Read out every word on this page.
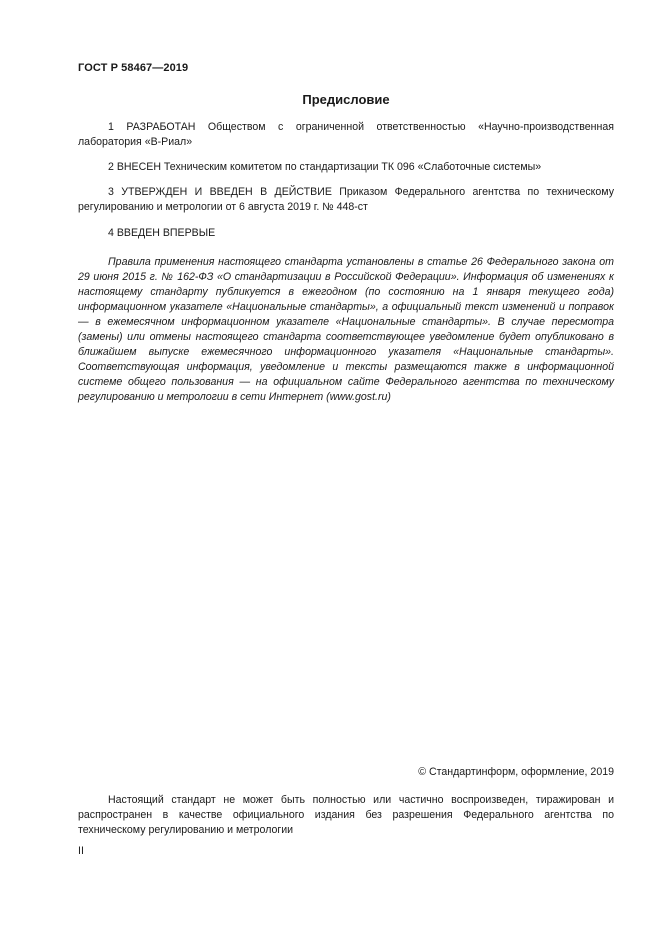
ГОСТ Р 58467—2019
Предисловие

1 РАЗРАБОТАН Обществом с ограниченной ответственностью «Научно-производственная лаборатория «В-Риал»

2 ВНЕСЕН Техническим комитетом по стандартизации ТК 096 «Слаботочные системы»

3 УТВЕРЖДЕН И ВВЕДЕН В ДЕЙСТВИЕ Приказом Федерального агентства по техническому регулированию и метрологии от 6 августа 2019 г. № 448-ст

4 ВВЕДЕН ВПЕРВЫЕ

Правила применения настоящего стандарта установлены в статье 26 Федерального закона от 29 июня 2015 г. № 162-ФЗ «О стандартизации в Российской Федерации». Информация об изменениях к настоящему стандарту публикуется в ежегодном (по состоянию на 1 января текущего года) информационном указателе «Национальные стандарты», а официальный текст изменений и поправок — в ежемесячном информационном указателе «Национальные стандарты». В случае пересмотра (замены) или отмены настоящего стандарта соответствующее уведомление будет опубликовано в ближайшем выпуске ежемесячного информационного указателя «Национальные стандарты». Соответствующая информация, уведомление и тексты размещаются также в информационной системе общего пользования — на официальном сайте Федерального агентства по техническому регулированию и метрологии в сети Интернет (www.gost.ru)

© Стандартинформ, оформление, 2019

Настоящий стандарт не может быть полностью или частично воспроизведен, тиражирован и распространен в качестве официального издания без разрешения Федерального агентства по техническому регулированию и метрологии

II
